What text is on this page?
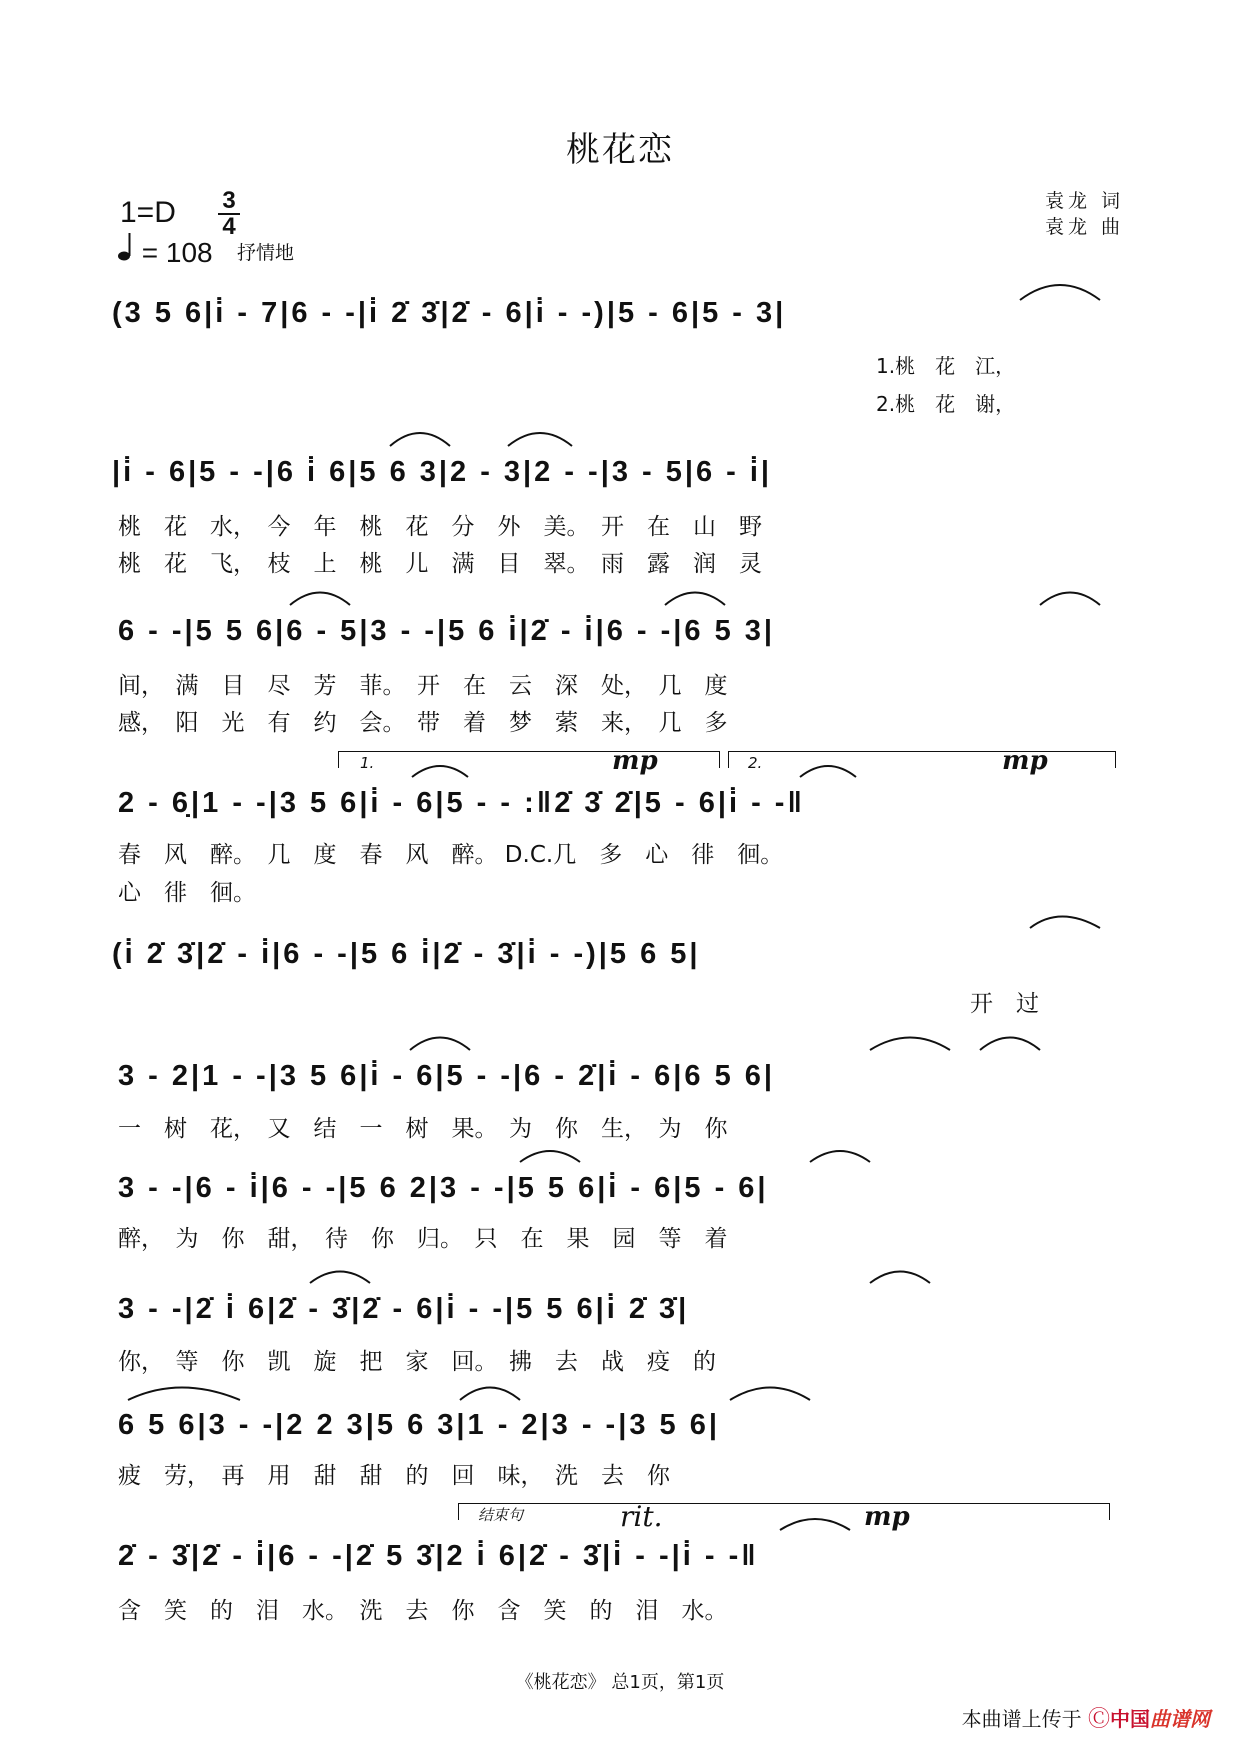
桃花恋
袁龙 词
袁龙 曲
1=D 3
4
= 108 抒情地
(3 5 6|i̇ - 7|6 - -|i̇ 2̇ 3̇|2̇ - 6|i̇ - -)|5 - 6|5 - 3|
1.桃　花　江，
2.桃　花　谢，
|i̇ - 6|5 - -|6 i̇ 6|5 6 3|2 - 3|2 - -|3 - 5|6 - i̇|
桃　花　水，　今　年　桃　花　分　外　美。　开　在　山　野
桃　花　飞，　枝　上　桃　儿　满　目　翠。　雨　露　润　灵
6 - -|5 5 6|6 - 5|3 - -|5 6 i̇|2̇ - i̇|6 - -|6 5 3|
间，　满　目　尽　芳　菲。　开　在　云　深　处，　几　度
感，　阳　光　有　约　会。　带　着　梦　萦　来，　几　多
1.	2.
mp	mp
2 - 6̣|1 - -|3 5 6|i̇ - 6|5 - - :‖2̇ 3̇ 2̇|5 - 6|i̇ - -‖
春　风　醉。　几　度　春　风　醉。 D.C.几　多　心　徘　徊。
心　徘　徊。
(i̇ 2̇ 3̇|2̇ - i̇|6 - -|5 6 i̇|2̇ - 3̇|i̇ - -)|5 6 5|
开　过
3 - 2|1 - -|3 5 6|i̇ - 6|5 - -|6 - 2̇|i̇ - 6|6 5 6|
一　树　花，　又　结　一　树　果。　为　你　生，　为　你
3 - -|6 - i̇|6 - -|5 6 2|3 - -|5 5 6|i̇ - 6|5 - 6|
醉，　为　你　甜，　待　你　归。　只　在　果　园　等　着
3 - -|2̇ i̇ 6|2̇ - 3̇|2̇ - 6|i̇ - -|5 5 6|i̇ 2̇ 3̇|
你，　等　你　凯　旋　把　家　回。　拂　去　战　疫　的
6 5 6|3 - -|2 2 3|5 6 3|1 - 2|3 - -|3 5 6|
疲　劳，　再　用　甜　甜　的　回　味，　洗　去　你
结束句	rit.	mp
2̇ - 3̇|2̇ - i̇|6 - -|2̇ 5 3̇|2 i̇ 6|2̇ - 3̇|i̇ - -|i̇ - -‖
含　笑　的　泪　水。　洗　去　你　含　笑　的　泪　水。
《桃花恋》 总1页，第1页
本曲谱上传于 Ⓒ中国曲谱网
